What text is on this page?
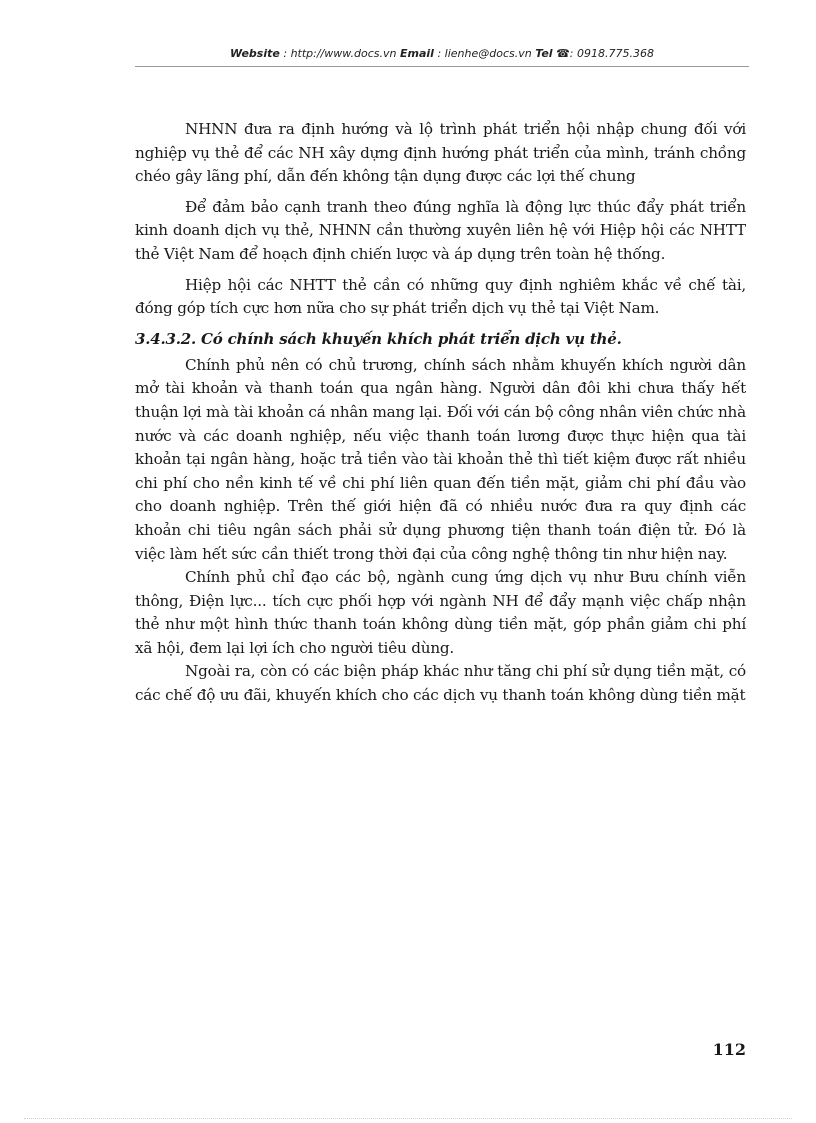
Website : http://www.docs.vn Email : lienhe@docs.vn Tel ☎: 0918.775.368

NHNN đưa ra định hướng và lộ trình phát triển hội nhập chung đối với nghiệp vụ thẻ để các NH xây dựng định hướng phát triển của mình, tránh chồng chéo gây lãng phí, dẫn đến không tận dụng được các lợi thế chung

Để đảm bảo cạnh tranh theo đúng nghĩa là động lực thúc đẩy phát triển kinh doanh dịch vụ thẻ, NHNN cần thường xuyên liên hệ với Hiệp hội các NHTT thẻ Việt Nam để hoạch định chiến lược và áp dụng trên toàn hệ thống.

Hiệp hội các NHTT thẻ cần có những quy định nghiêm khắc về chế tài, đóng góp tích cực hơn nữa cho sự phát triển dịch vụ thẻ tại Việt Nam.

3.4.3.2. Có chính sách khuyến khích phát triển dịch vụ thẻ.

Chính phủ nên có chủ trương, chính sách nhằm khuyến khích người dân mở tài khoản và thanh toán qua ngân hàng. Người dân đôi khi chưa thấy hết thuận lợi mà tài khoản cá nhân mang lại. Đối với cán bộ công nhân viên chức nhà nước và các doanh nghiệp, nếu việc thanh toán lương được thực hiện qua tài khoản tại ngân hàng, hoặc trả tiền vào tài khoản thẻ thì tiết kiệm được rất nhiều chi phí cho nền kinh tế về chi phí liên quan đến tiền mặt, giảm chi phí đầu vào cho doanh nghiệp. Trên thế giới hiện đã có nhiều nước đưa ra quy định các khoản chi tiêu ngân sách phải sử dụng phương tiện thanh toán điện tử. Đó là việc làm hết sức cần thiết trong thời đại của công nghệ thông tin như hiện nay.

Chính phủ chỉ đạo các bộ, ngành cung ứng dịch vụ như Bưu chính viễn thông, Điện lực... tích cực phối hợp với ngành NH để đẩy mạnh việc chấp nhận thẻ như một hình thức thanh toán không dùng tiền mặt, góp phần giảm chi phí xã hội, đem lại lợi ích cho người tiêu dùng.

Ngoài ra, còn có các biện pháp khác như tăng chi phí sử dụng tiền mặt, có các chế độ ưu đãi, khuyến khích cho các dịch vụ thanh toán không dùng tiền mặt

112
